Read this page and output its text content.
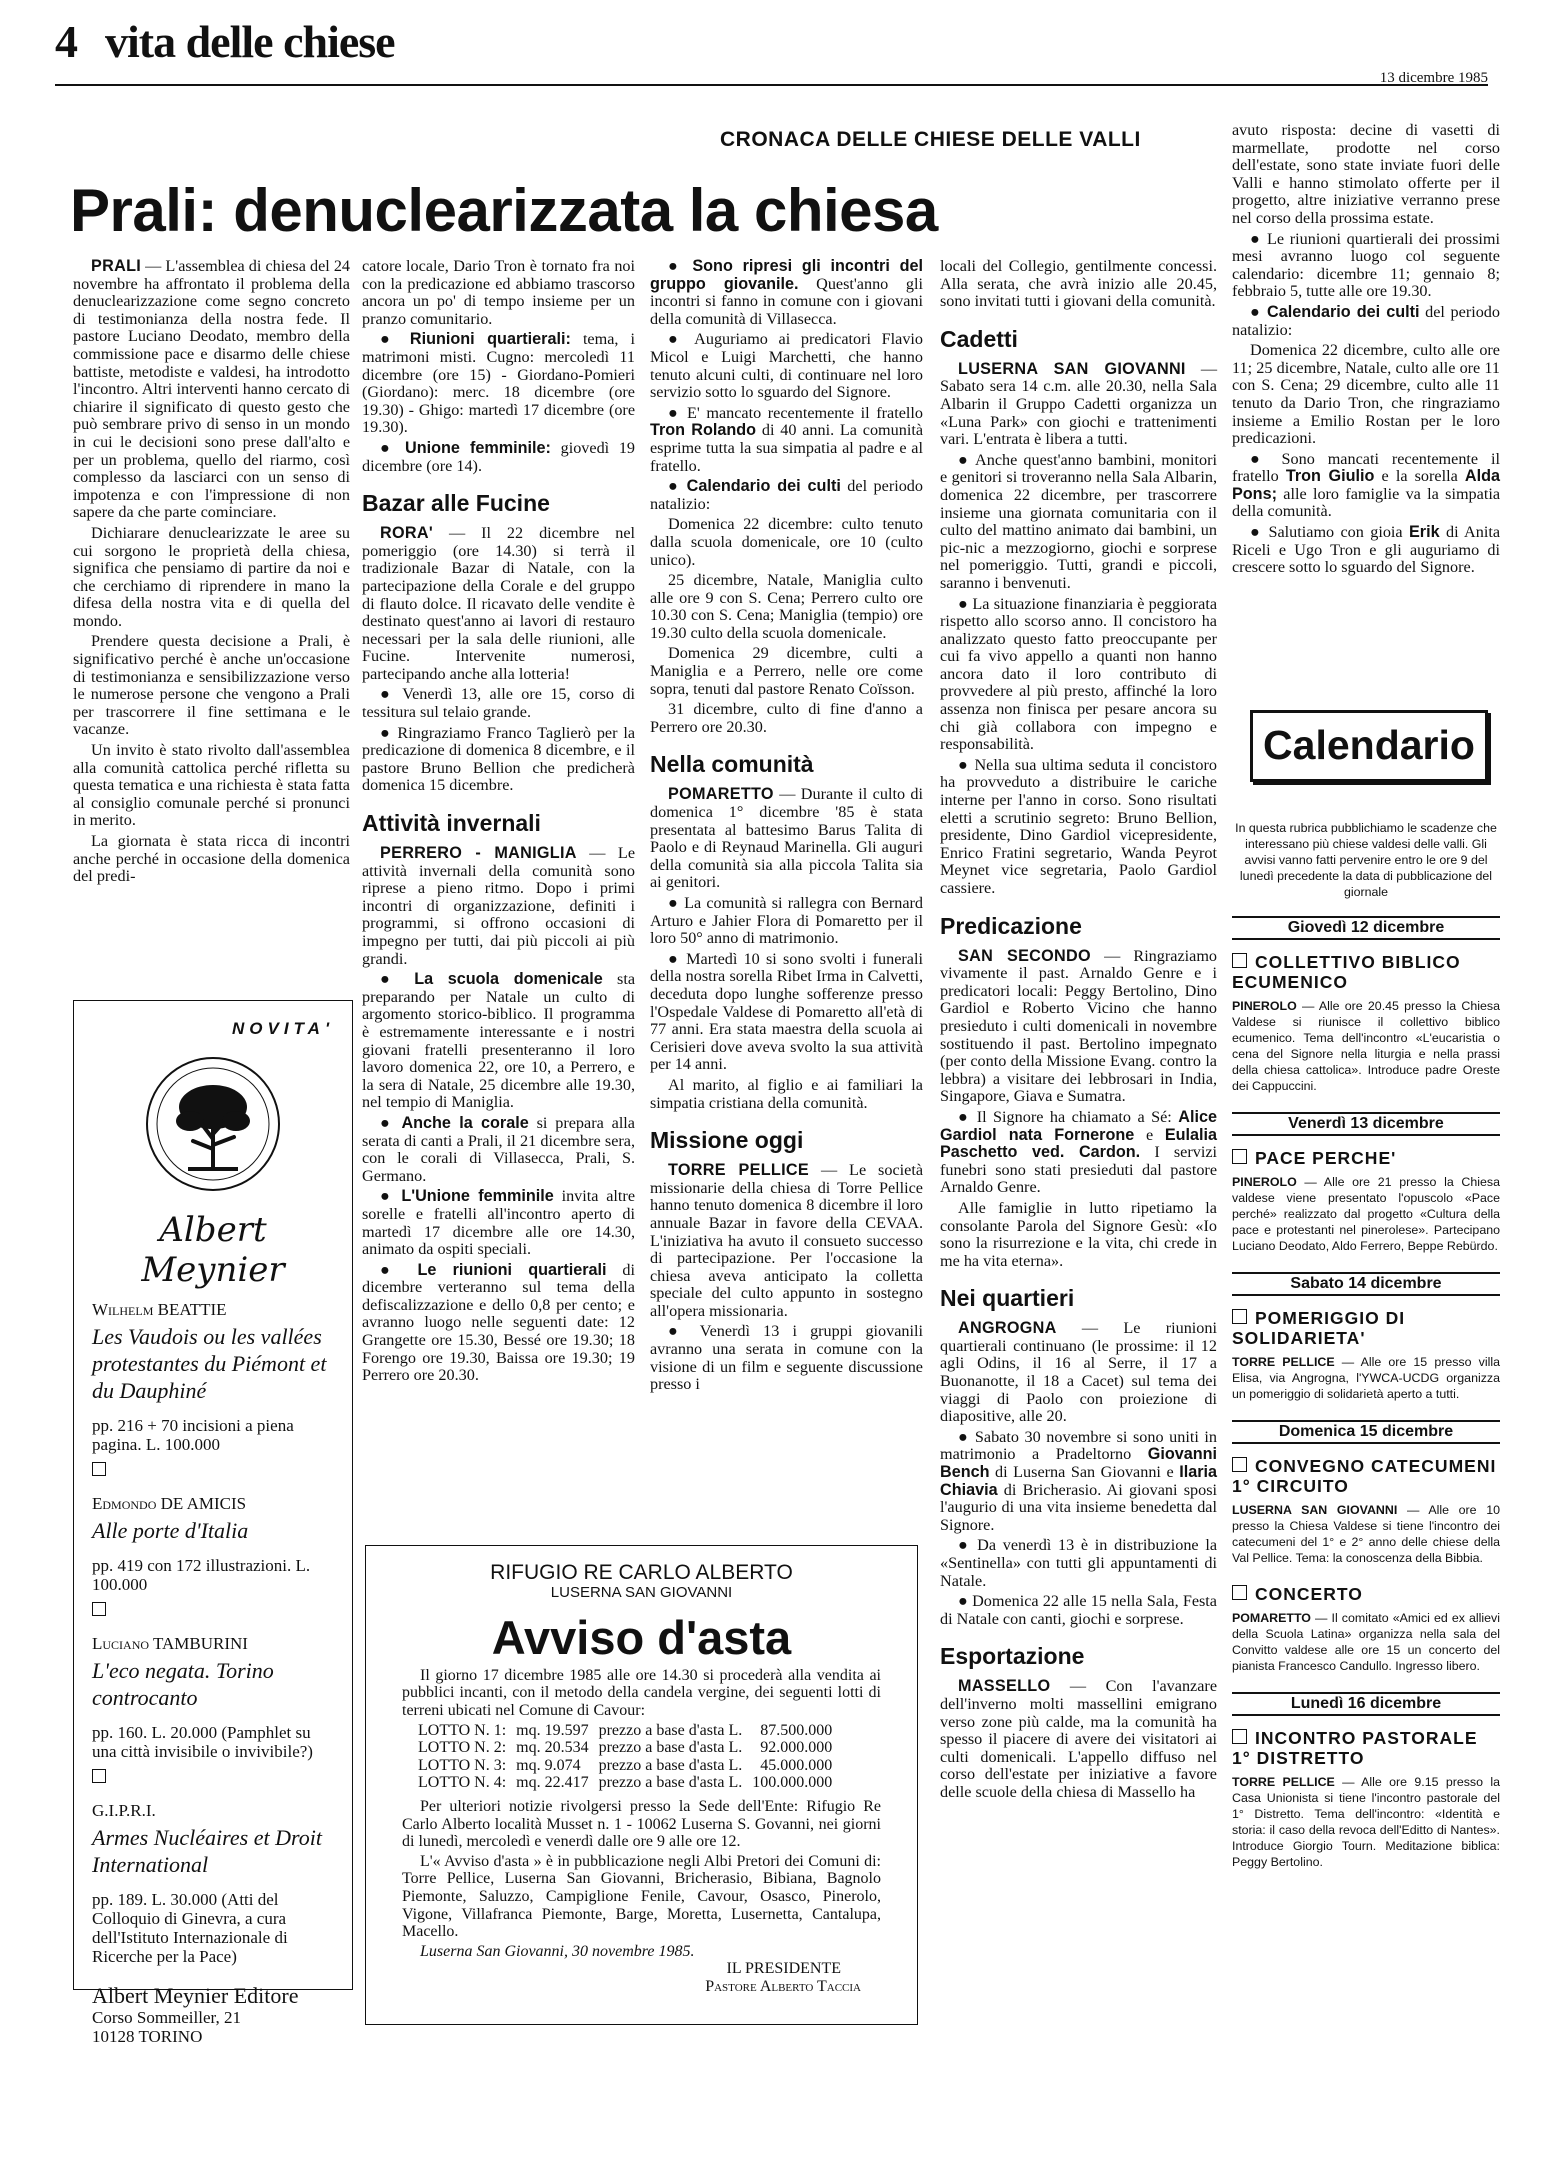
4 vita delle chiese
13 dicembre 1985
CRONACA DELLE CHIESE DELLE VALLI
Prali: denuclearizzata la chiesa

PRALI — L'assemblea di chiesa del 24 novembre ha affrontato il problema della denuclearizzazione come segno concreto di testimonianza della nostra fede. Il pastore Luciano Deodato, membro della commissione pace e disarmo delle chiese battiste, metodiste e valdesi, ha introdotto l'incontro. Altri interventi hanno cercato di chiarire il significato di questo gesto che può sembrare privo di senso in un mondo in cui le decisioni sono prese dall'alto e per un problema, quello del riarmo, così complesso da lasciarci con un senso di impotenza e con l'impressione di non sapere da che parte cominciare.

Dichiarare denuclearizzate le aree su cui sorgono le proprietà della chiesa, significa che pensiamo di partire da noi e che cerchiamo di riprendere in mano la difesa della nostra vita e di quella del mondo.

Prendere questa decisione a Prali, è significativo perché è anche un'occasione di testimonianza e sensibilizzazione verso le numerose persone che vengono a Prali per trascorrere il fine settimana e le vacanze.

Un invito è stato rivolto dall'assemblea alla comunità cattolica perché rifletta su questa tematica e una richiesta è stata fatta al consiglio comunale perché si pronunci in merito.

La giornata è stata ricca di incontri anche perché in occasione della domenica del predi-

catore locale, Dario Tron è tornato fra noi con la predicazione ed abbiamo trascorso ancora un po' di tempo insieme per un pranzo comunitario.

● Riunioni quartierali: tema, i matrimoni misti. Cugno: mercoledì 11 dicembre (ore 15) - Giordano-Pomieri (Giordano): merc. 18 dicembre (ore 19.30) - Ghigo: martedì 17 dicembre (ore 19.30).

● Unione femminile: giovedì 19 dicembre (ore 14).

Bazar alle Fucine

RORA' — Il 22 dicembre nel pomeriggio (ore 14.30) si terrà il tradizionale Bazar di Natale, con la partecipazione della Corale e del gruppo di flauto dolce. Il ricavato delle vendite è destinato quest'anno ai lavori di restauro necessari per la sala delle riunioni, alle Fucine. Intervenite numerosi, partecipando anche alla lotteria!

● Venerdì 13, alle ore 15, corso di tessitura sul telaio grande.

● Ringraziamo Franco Taglierò per la predicazione di domenica 8 dicembre, e il pastore Bruno Bellion che predicherà domenica 15 dicembre.

Attività invernali

PERRERO - MANIGLIA — Le attività invernali della comunità sono riprese a pieno ritmo. Dopo i primi incontri di organizzazione, definiti i programmi, si offrono occasioni di impegno per tutti, dai più piccoli ai più grandi.

● La scuola domenicale sta preparando per Natale un culto di argomento storico-biblico. Il programma è estremamente interessante e i nostri giovani fratelli presenteranno il loro lavoro domenica 22, ore 10, a Perrero, e la sera di Natale, 25 dicembre alle 19.30, nel tempio di Maniglia.

● Anche la corale si prepara alla serata di canti a Prali, il 21 dicembre sera, con le corali di Villasecca, Prali, S. Germano.

● L'Unione femminile invita altre sorelle e fratelli all'incontro aperto di martedì 17 dicembre alle ore 14.30, animato da ospiti speciali.

● Le riunioni quartierali di dicembre verteranno sul tema della defiscalizzazione e dello 0,8 per cento; e avranno luogo nelle seguenti date: 12 Grangette ore 15.30, Bessé ore 19.30; 18 Forengo ore 19.30, Baissa ore 19.30; 19 Perrero ore 20.30.

● Sono ripresi gli incontri del gruppo giovanile. Quest'anno gli incontri si fanno in comune con i giovani della comunità di Villasecca.

● Auguriamo ai predicatori Flavio Micol e Luigi Marchetti, che hanno tenuto alcuni culti, di continuare nel loro servizio sotto lo sguardo del Signore.

● E' mancato recentemente il fratello Tron Rolando di 40 anni. La comunità esprime tutta la sua simpatia al padre e al fratello.

● Calendario dei culti del periodo natalizio:

Domenica 22 dicembre: culto tenuto dalla scuola domenicale, ore 10 (culto unico).

25 dicembre, Natale, Maniglia culto alle ore 9 con S. Cena; Perrero culto ore 10.30 con S. Cena; Maniglia (tempio) ore 19.30 culto della scuola domenicale.

Domenica 29 dicembre, culti a Maniglia e a Perrero, nelle ore come sopra, tenuti dal pastore Renato Coïsson.

31 dicembre, culto di fine d'anno a Perrero ore 20.30.

Nella comunità

POMARETTO — Durante il culto di domenica 1° dicembre '85 è stata presentata al battesimo Barus Talita di Paolo e di Reynaud Marinella. Gli auguri della comunità sia alla piccola Talita sia ai genitori.

● La comunità si rallegra con Bernard Arturo e Jahier Flora di Pomaretto per il loro 50° anno di matrimonio.

● Martedì 10 si sono svolti i funerali della nostra sorella Ribet Irma in Calvetti, deceduta dopo lunghe sofferenze presso l'Ospedale Valdese di Pomaretto all'età di 77 anni. Era stata maestra della scuola ai Cerisieri dove aveva svolto la sua attività per 14 anni.

Al marito, al figlio e ai familiari la simpatia cristiana della comunità.

Missione oggi

TORRE PELLICE — Le società missionarie della chiesa di Torre Pellice hanno tenuto domenica 8 dicembre il loro annuale Bazar in favore della CEVAA. L'iniziativa ha avuto il consueto successo di partecipazione. Per l'occasione la chiesa aveva anticipato la colletta speciale del culto appunto in sostegno all'opera missionaria.

● Venerdì 13 i gruppi giovanili avranno una serata in comune con la visione di un film e seguente discussione presso i

locali del Collegio, gentilmente concessi. Alla serata, che avrà inizio alle 20.45, sono invitati tutti i giovani della comunità.

Cadetti

LUSERNA SAN GIOVANNI — Sabato sera 14 c.m. alle 20.30, nella Sala Albarin il Gruppo Cadetti organizza un «Luna Park» con giochi e trattenimenti vari. L'entrata è libera a tutti.

● Anche quest'anno bambini, monitori e genitori si troveranno nella Sala Albarin, domenica 22 dicembre, per trascorrere insieme una giornata comunitaria con il culto del mattino animato dai bambini, un pic-nic a mezzogiorno, giochi e sorprese nel pomeriggio. Tutti, grandi e piccoli, saranno i benvenuti.

● La situazione finanziaria è peggiorata rispetto allo scorso anno. Il concistoro ha analizzato questo fatto preoccupante per cui fa vivo appello a quanti non hanno ancora dato il loro contributo di provvedere al più presto, affinché la loro assenza non finisca per pesare ancora su chi già collabora con impegno e responsabilità.

● Nella sua ultima seduta il concistoro ha provveduto a distribuire le cariche interne per l'anno in corso. Sono risultati eletti a scrutinio segreto: Bruno Bellion, presidente, Dino Gardiol vicepresidente, Enrico Fratini segretario, Wanda Peyrot Meynet vice segretaria, Paolo Gardiol cassiere.

Predicazione

SAN SECONDO — Ringraziamo vivamente il past. Arnaldo Genre e i predicatori locali: Peggy Bertolino, Dino Gardiol e Roberto Vicino che hanno presieduto i culti domenicali in novembre sostituendo il past. Bertolino impegnato (per conto della Missione Evang. contro la lebbra) a visitare dei lebbrosari in India, Singapore, Giava e Sumatra.

● Il Signore ha chiamato a Sé: Alice Gardiol nata Fornerone e Eulalia Paschetto ved. Cardon. I servizi funebri sono stati presieduti dal pastore Arnaldo Genre.

Alle famiglie in lutto ripetiamo la consolante Parola del Signore Gesù: «Io sono la risurrezione e la vita, chi crede in me ha vita eterna».

Nei quartieri

ANGROGNA — Le riunioni quartierali continuano (le prossime: il 12 agli Odins, il 16 al Serre, il 17 a Buonanotte, il 18 a Cacet) sul tema dei viaggi di Paolo con proiezione di diapositive, alle 20.

● Sabato 30 novembre si sono uniti in matrimonio a Pradeltorno Giovanni Bench di Luserna San Giovanni e Ilaria Chiavia di Bricherasio. Ai giovani sposi l'augurio di una vita insieme benedetta dal Signore.

● Da venerdì 13 è in distribuzione la «Sentinella» con tutti gli appuntamenti di Natale.

● Domenica 22 alle 15 nella Sala, Festa di Natale con canti, giochi e sorprese.

Esportazione

MASSELLO — Con l'avanzare dell'inverno molti massellini emigrano verso zone più calde, ma la comunità ha spesso il piacere di avere dei visitatori ai culti domenicali. L'appello diffuso nel corso dell'estate per iniziative a favore delle scuole della chiesa di Massello ha

avuto risposta: decine di vasetti di marmellate, prodotte nel corso dell'estate, sono state inviate fuori delle Valli e hanno stimolato offerte per il progetto, altre iniziative verranno prese nel corso della prossima estate.

● Le riunioni quartierali dei prossimi mesi avranno luogo col seguente calendario: dicembre 11; gennaio 8; febbraio 5, tutte alle ore 19.30.

● Calendario dei culti del periodo natalizio:

Domenica 22 dicembre, culto alle ore 11; 25 dicembre, Natale, culto alle ore 11 con S. Cena; 29 dicembre, culto alle 11 tenuto da Dario Tron, che ringraziamo insieme a Emilio Rostan per le loro predicazioni.

● Sono mancati recentemente il fratello Tron Giulio e la sorella Alda Pons; alle loro famiglie va la simpatia della comunità.

● Salutiamo con gioia Erik di Anita Riceli e Ugo Tron e gli auguriamo di crescere sotto lo sguardo del Signore.

NOVITA'
Albert Meynier
Wilhelm BEATTIE
Les Vaudois ou les vallées protestantes du Piémont et du Dauphiné
pp. 216 + 70 incisioni a piena pagina. L. 100.000
Edmondo DE AMICIS
Alle porte d'Italia
pp. 419 con 172 illustrazioni. L. 100.000
Luciano TAMBURINI
L'eco negata. Torino controcanto
pp. 160. L. 20.000 (Pamphlet su una città invisibile o invivibile?)
G.I.P.R.I.
Armes Nucléaires et Droit International
pp. 189. L. 30.000 (Atti del Colloquio di Ginevra, a cura dell'Istituto Internazionale di Ricerche per la Pace)
Albert Meynier Editore
Corso Sommeiller, 21
10128 TORINO
RIFUGIO RE CARLO ALBERTO
LUSERNA SAN GIOVANNI
Avviso d'asta

Il giorno 17 dicembre 1985 alle ore 14.30 si procederà alla vendita ai pubblici incanti, con il metodo della candela vergine, dei seguenti lotti di terreni ubicati nel Comune di Cavour:

LOTTO N. 1:	mq. 19.597	prezzo a base d'asta L.	87.500.000
LOTTO N. 2:	mq. 20.534	prezzo a base d'asta L.	92.000.000
LOTTO N. 3:	mq. 9.074	prezzo a base d'asta L.	45.000.000
LOTTO N. 4:	mq. 22.417	prezzo a base d'asta L.	100.000.000

Per ulteriori notizie rivolgersi presso la Sede dell'Ente: Rifugio Re Carlo Alberto località Musset n. 1 - 10062 Luserna S. Govanni, nei giorni di lunedì, mercoledì e venerdì dalle ore 9 alle ore 12.

L'« Avviso d'asta » è in pubblicazione negli Albi Pretori dei Comuni di: Torre Pellice, Luserna San Giovanni, Bricherasio, Bibiana, Bagnolo Piemonte, Saluzzo, Campiglione Fenile, Cavour, Osasco, Pinerolo, Vigone, Villafranca Piemonte, Barge, Moretta, Lusernetta, Cantalupa, Macello.

Luserna San Giovanni, 30 novembre 1985.

IL PRESIDENTE
Pastore Alberto Taccia
Calendario
In questa rubrica pubblichiamo le scadenze che interessano più chiese valdesi delle valli. Gli avvisi vanno fatti pervenire entro le ore 9 del lunedì precedente la data di pubblicazione del giornale
Giovedì 12 dicembre
COLLETTIVO BIBLICO ECUMENICO
PINEROLO — Alle ore 20.45 presso la Chiesa Valdese si riunisce il collettivo biblico ecumenico. Tema dell'incontro «L'eucaristia o cena del Signore nella liturgia e nella prassi della chiesa cattolica». Introduce padre Oreste dei Cappuccini.
Venerdì 13 dicembre
PACE PERCHE'
PINEROLO — Alle ore 21 presso la Chiesa valdese viene presentato l'opuscolo «Pace perché» realizzato dal progetto «Cultura della pace e protestanti nel pinerolese». Partecipano Luciano Deodato, Aldo Ferrero, Beppe Rebürdo.
Sabato 14 dicembre
POMERIGGIO DI SOLIDARIETA'
TORRE PELLICE — Alle ore 15 presso villa Elisa, via Angrogna, l'YWCA-UCDG organizza un pomeriggio di solidarietà aperto a tutti.
Domenica 15 dicembre
CONVEGNO CATECUMENI 1° CIRCUITO
LUSERNA SAN GIOVANNI — Alle ore 10 presso la Chiesa Valdese si tiene l'incontro dei catecumeni del 1° e 2° anno delle chiese della Val Pellice. Tema: la conoscenza della Bibbia.
CONCERTO
POMARETTO — Il comitato «Amici ed ex allievi della Scuola Latina» organizza nella sala del Convitto valdese alle ore 15 un concerto del pianista Francesco Candullo. Ingresso libero.
Lunedì 16 dicembre
INCONTRO PASTORALE 1° DISTRETTO
TORRE PELLICE — Alle ore 9.15 presso la Casa Unionista si tiene l'incontro pastorale del 1° Distretto. Tema dell'incontro: «Identità e storia: il caso della revoca dell'Editto di Nantes». Introduce Giorgio Tourn. Meditazione biblica: Peggy Bertolino.
